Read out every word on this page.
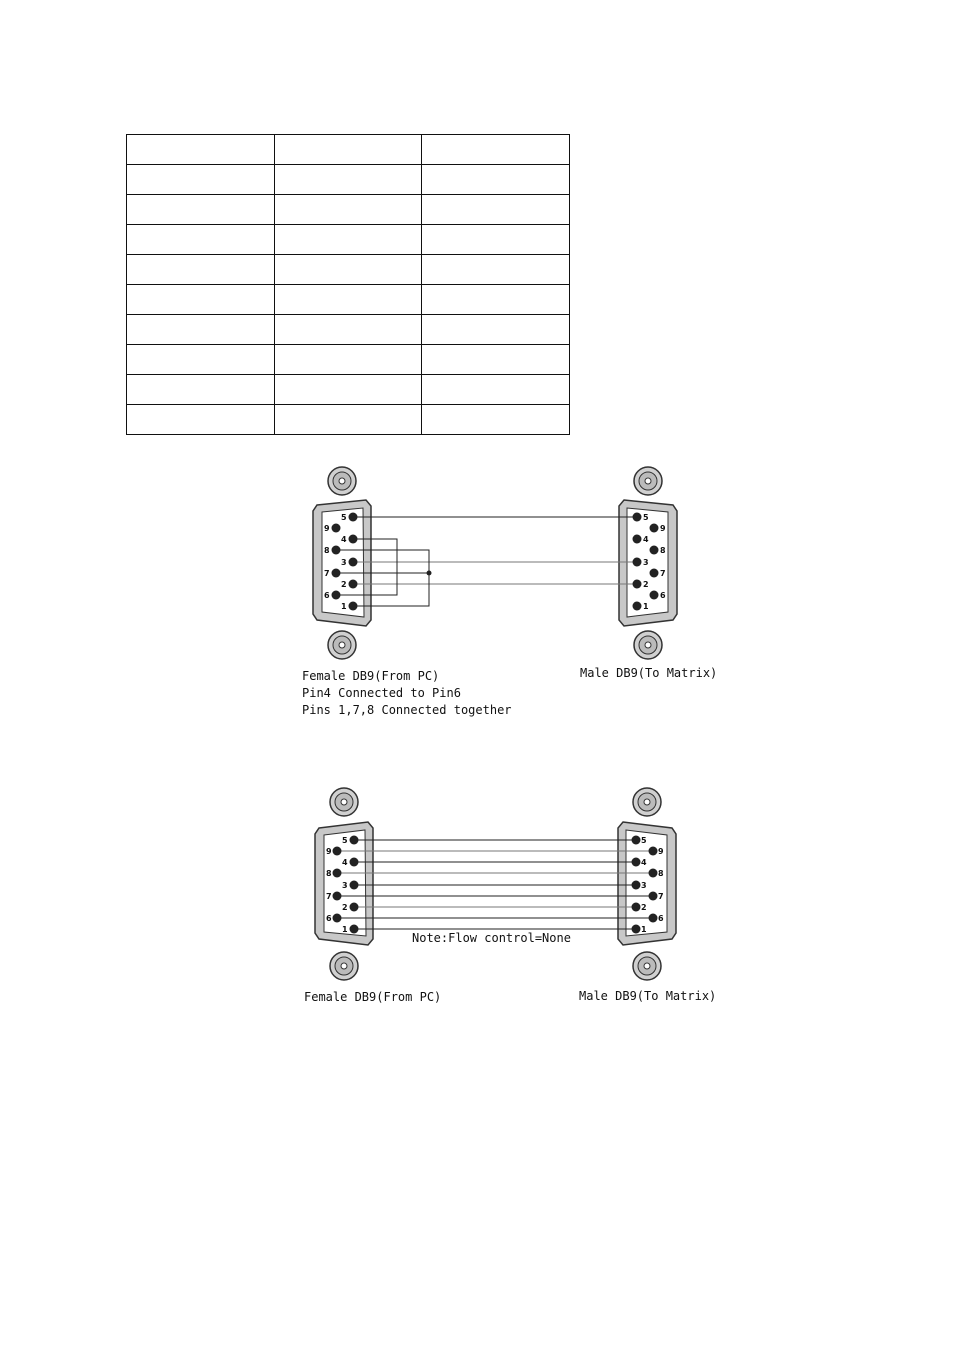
5
4
3
2
1
9
8
7
6
5
4
3
2
1
9
8
7
6
Female DB9(From PC)
Pin4 Connected to Pin6
Pins 1,7,8 Connected together
Male DB9(To Matrix)
5
4
3
2
1
9
8
7
6
5
4
3
2
1
9
8
7
6
Note:Flow control=None
Female DB9(From PC)	Male DB9(To Matrix)
